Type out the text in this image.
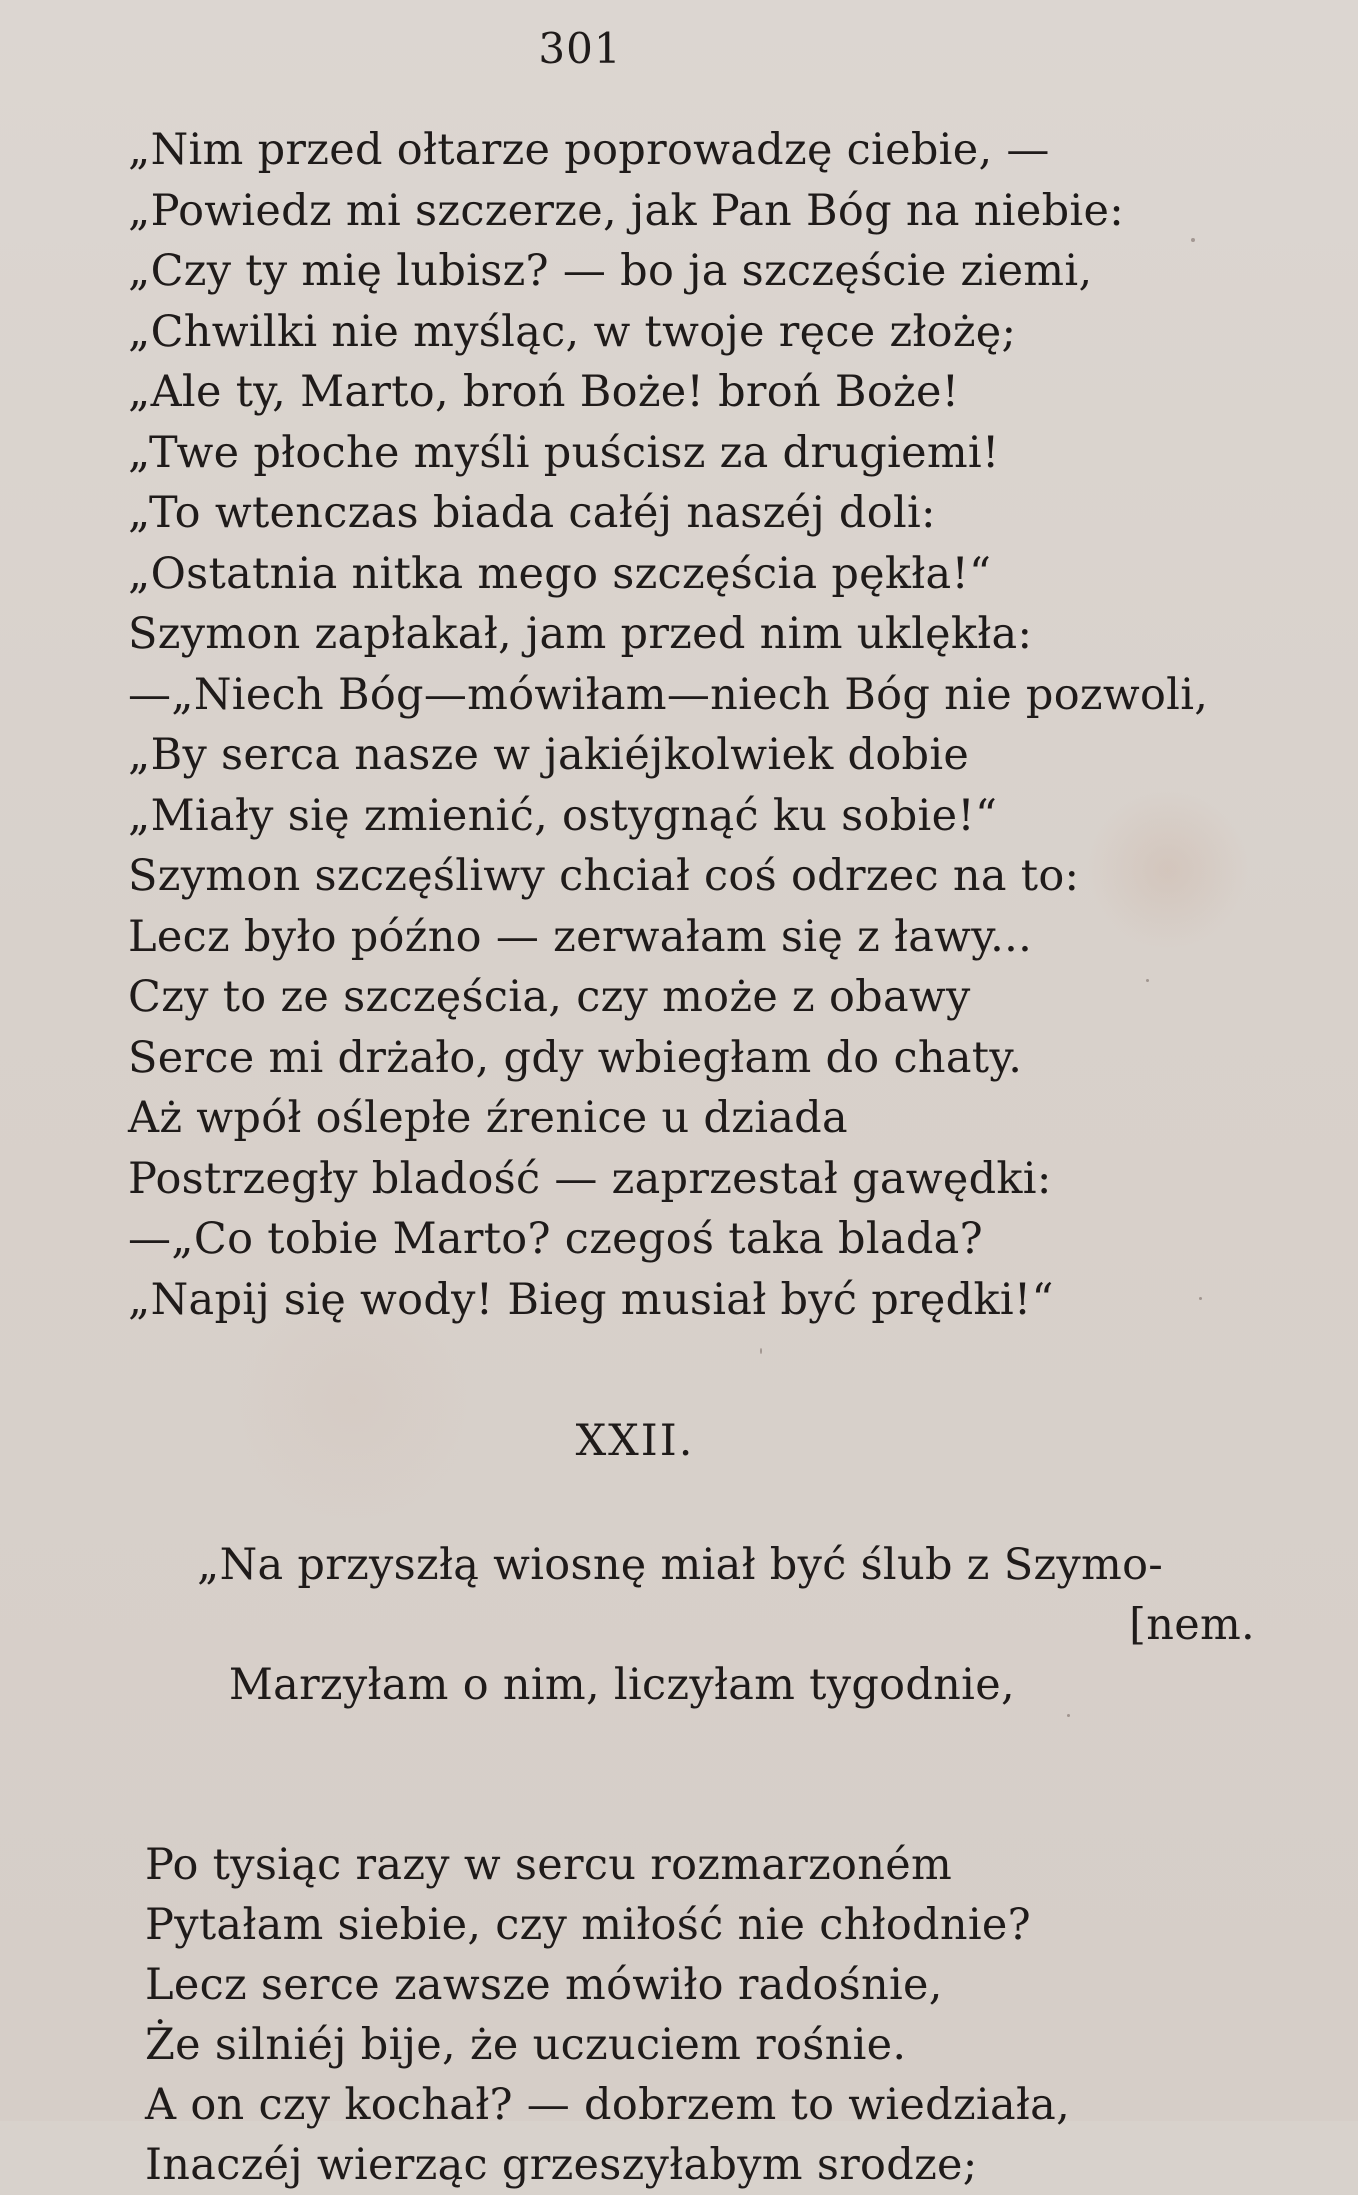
301
„Nim przed ołtarze poprowadzę ciebie, —
„Powiedz mi szczerze, jak Pan Bóg na niebie:
„Czy ty mię lubisz? — bo ja szczęście ziemi,
„Chwilki nie myśląc, w twoje ręce złożę;
„Ale ty, Marto, broń Boże! broń Boże!
„Twe płoche myśli puścisz za drugiemi!
„To wtenczas biada całéj naszéj doli:
„Ostatnia nitka mego szczęścia pękła!“
Szymon zapłakał, jam przed nim uklękła:
—„Niech Bóg—mówiłam—niech Bóg nie pozwoli,
„By serca nasze w jakiéjkolwiek dobie
„Miały się zmienić, ostygnąć ku sobie!“
Szymon szczęśliwy chciał coś odrzec na to:
Lecz było późno — zerwałam się z ławy...
Czy to ze szczęścia, czy może z obawy
Serce mi drżało, gdy wbiegłam do chaty.
Aż wpół oślepłe źrenice u dziada
Postrzegły bladość — zaprzestał gawędki:
—„Co tobie Marto? czegoś taka blada?
„Napij się wody! Bieg musiał być prędki!“
XXII.
„Na przyszłą wiosnę miał być ślub z Szymo-

Marzyłam o nim, liczyłam tygodnie,

[nem.

Po tysiąc razy w sercu rozmarzoném
Pytałam siebie, czy miłość nie chłodnie?
Lecz serce zawsze mówiło radośnie,
Że silniéj bije, że uczuciem rośnie.
A on czy kochał? — dobrzem to wiedziała,
Inaczéj wierząc grzeszyłabym srodze;
